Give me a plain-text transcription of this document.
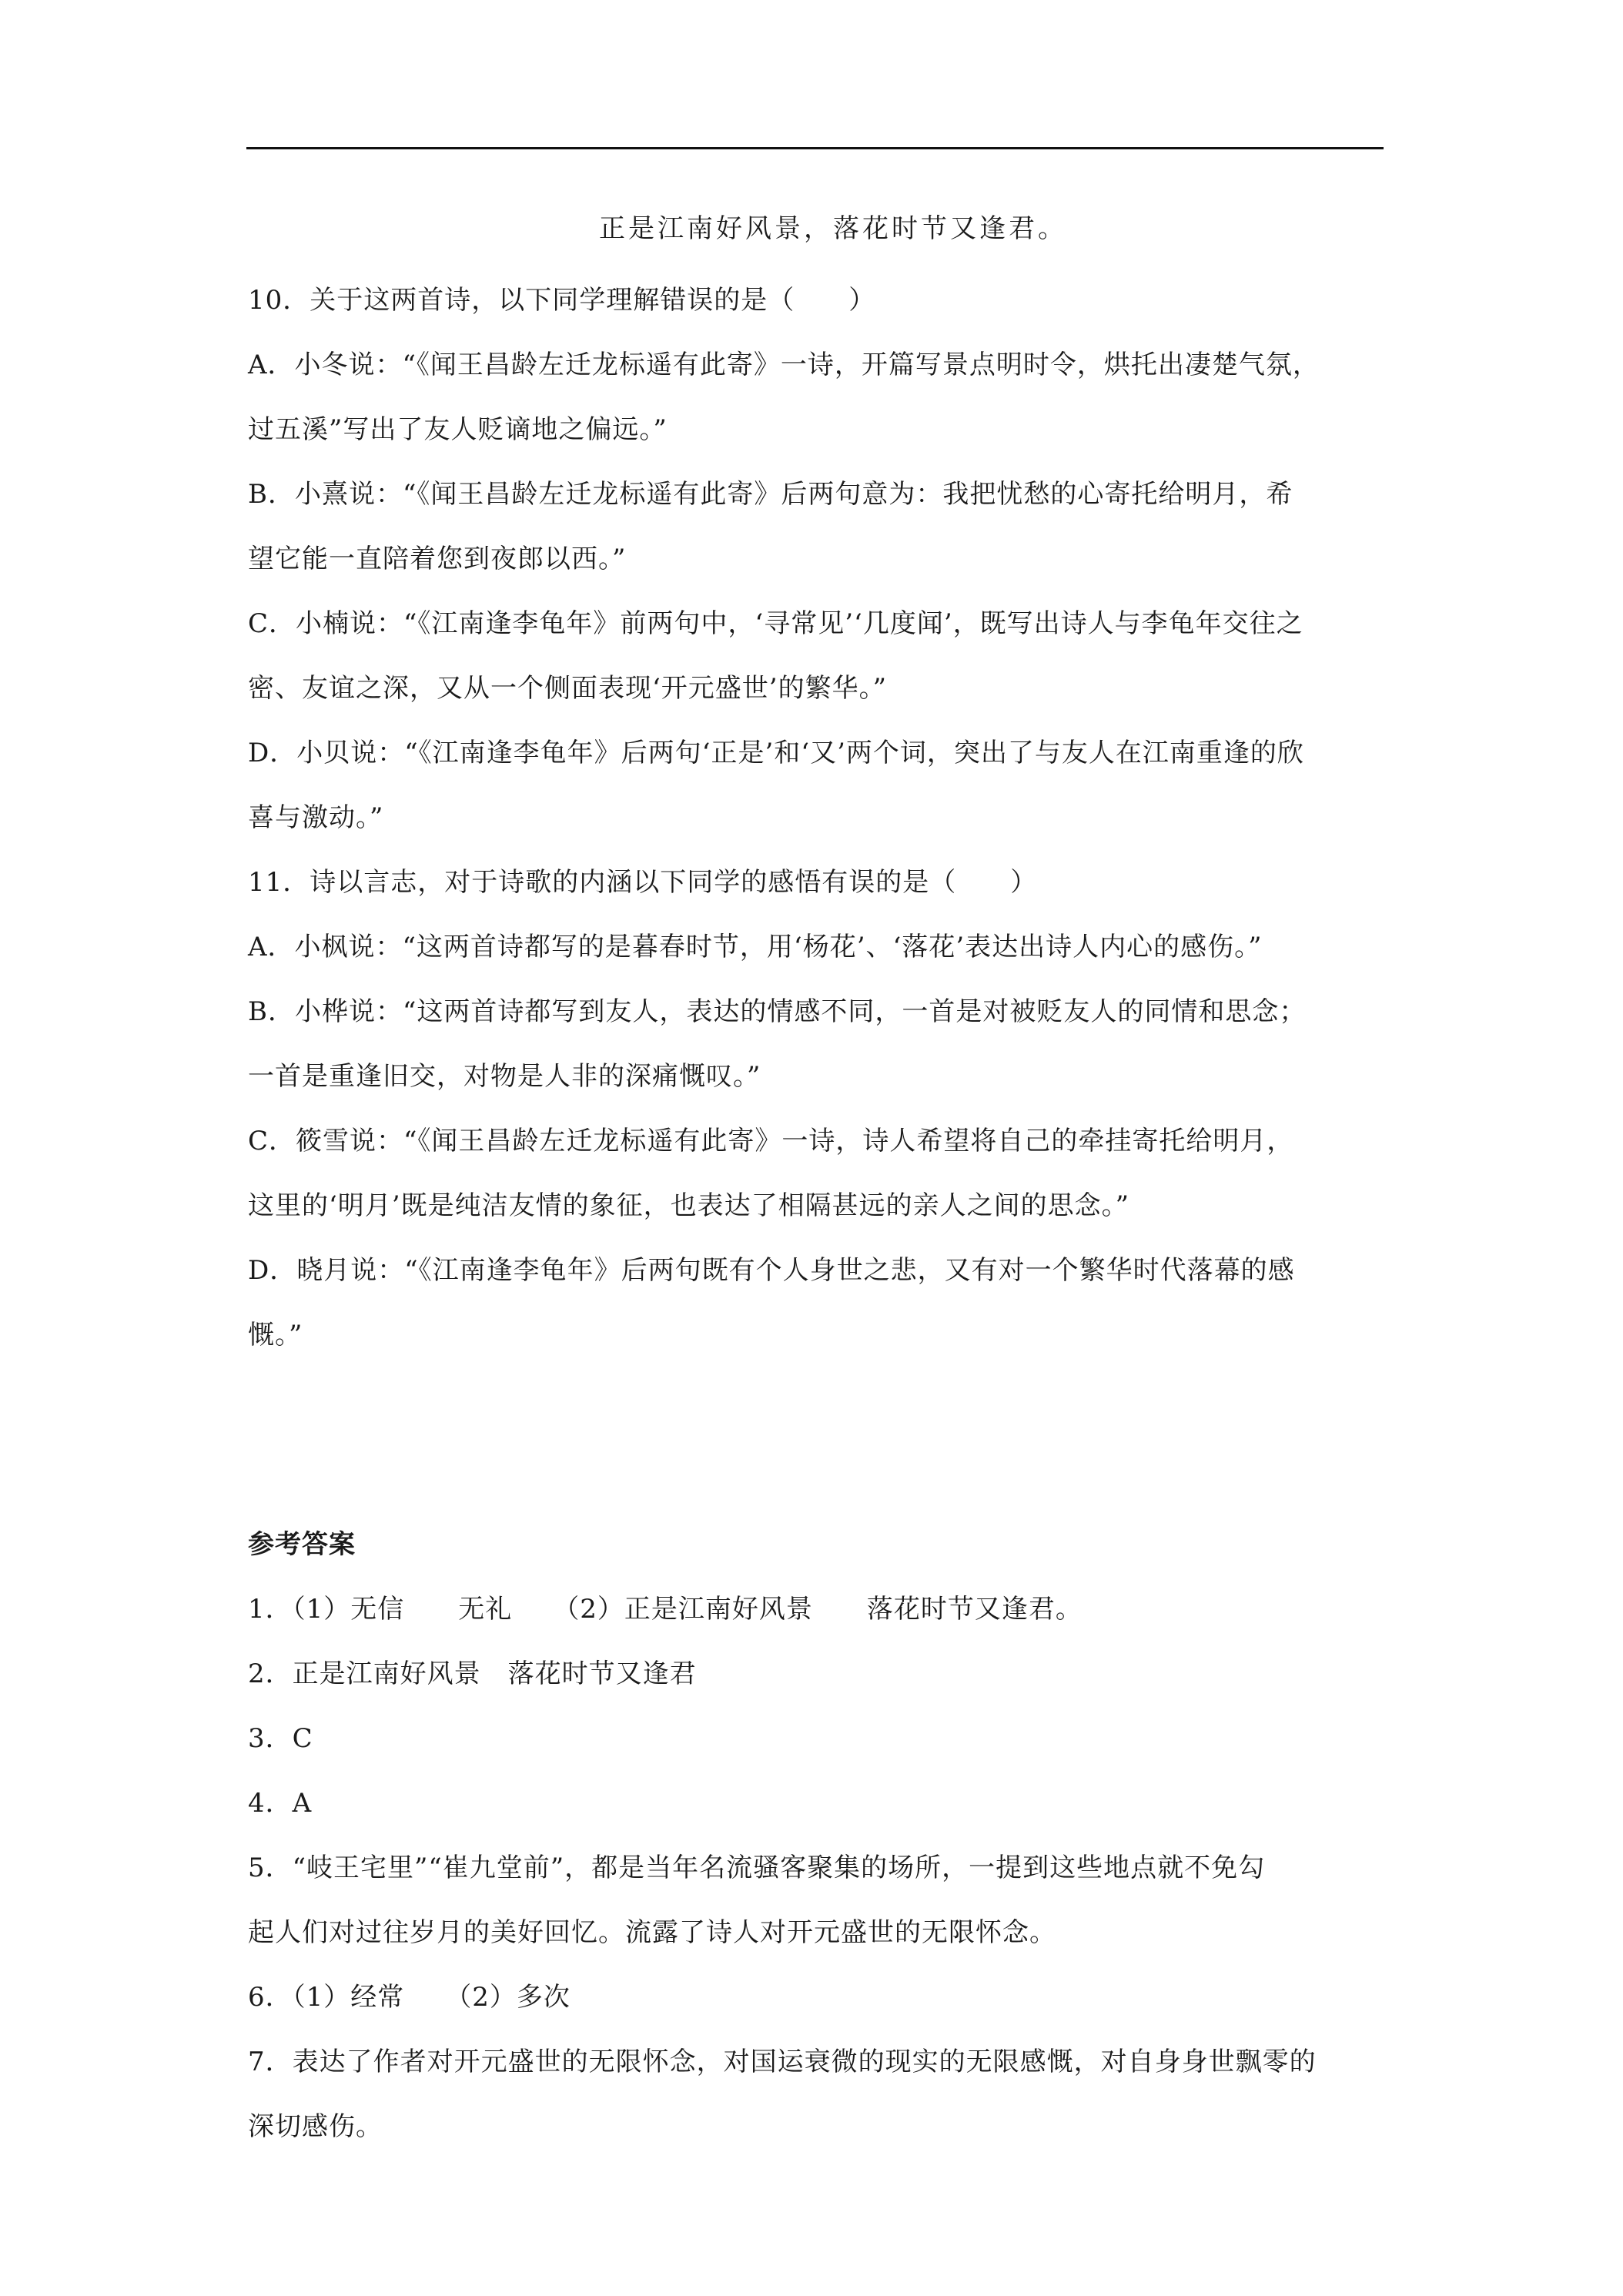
正是江南好风景，落花时节又逢君。
10．关于这两首诗，以下同学理解错误的是（　　）
A．小冬说：“《闻王昌龄左迁龙标遥有此寄》一诗，开篇写景点明时令，烘托出凄楚气氛，
过五溪”写出了友人贬谪地之偏远。”
B．小熹说：“《闻王昌龄左迁龙标遥有此寄》后两句意为：我把忧愁的心寄托给明月，希
望它能一直陪着您到夜郎以西。”
C．小楠说：“《江南逢李龟年》前两句中，‘寻常见’‘几度闻’，既写出诗人与李龟年交往之
密、友谊之深，又从一个侧面表现‘开元盛世’的繁华。”
D．小贝说：“《江南逢李龟年》后两句‘正是’和‘又’两个词，突出了与友人在江南重逢的欣
喜与激动。”
11．诗以言志，对于诗歌的内涵以下同学的感悟有误的是（　　）
A．小枫说：“这两首诗都写的是暮春时节，用‘杨花’、‘落花’表达出诗人内心的感伤。”
B．小桦说：“这两首诗都写到友人，表达的情感不同，一首是对被贬友人的同情和思念；
一首是重逢旧交，对物是人非的深痛慨叹。”
C．筱雪说：“《闻王昌龄左迁龙标遥有此寄》一诗，诗人希望将自己的牵挂寄托给明月，
这里的‘明月’既是纯洁友情的象征，也表达了相隔甚远的亲人之间的思念。”
D．晓月说：“《江南逢李龟年》后两句既有个人身世之悲，又有对一个繁华时代落幕的感
慨。”
参考答案
1．（1）无信　　无礼　　（2）正是江南好风景　　落花时节又逢君。
2．正是江南好风景　落花时节又逢君
3．C
4．A
5．“岐王宅里”“崔九堂前”，都是当年名流骚客聚集的场所，一提到这些地点就不免勾
起人们对过往岁月的美好回忆。流露了诗人对开元盛世的无限怀念。
6．（1）经常　　（2）多次
7．表达了作者对开元盛世的无限怀念，对国运衰微的现实的无限感慨，对自身身世飘零的
深切感伤。
